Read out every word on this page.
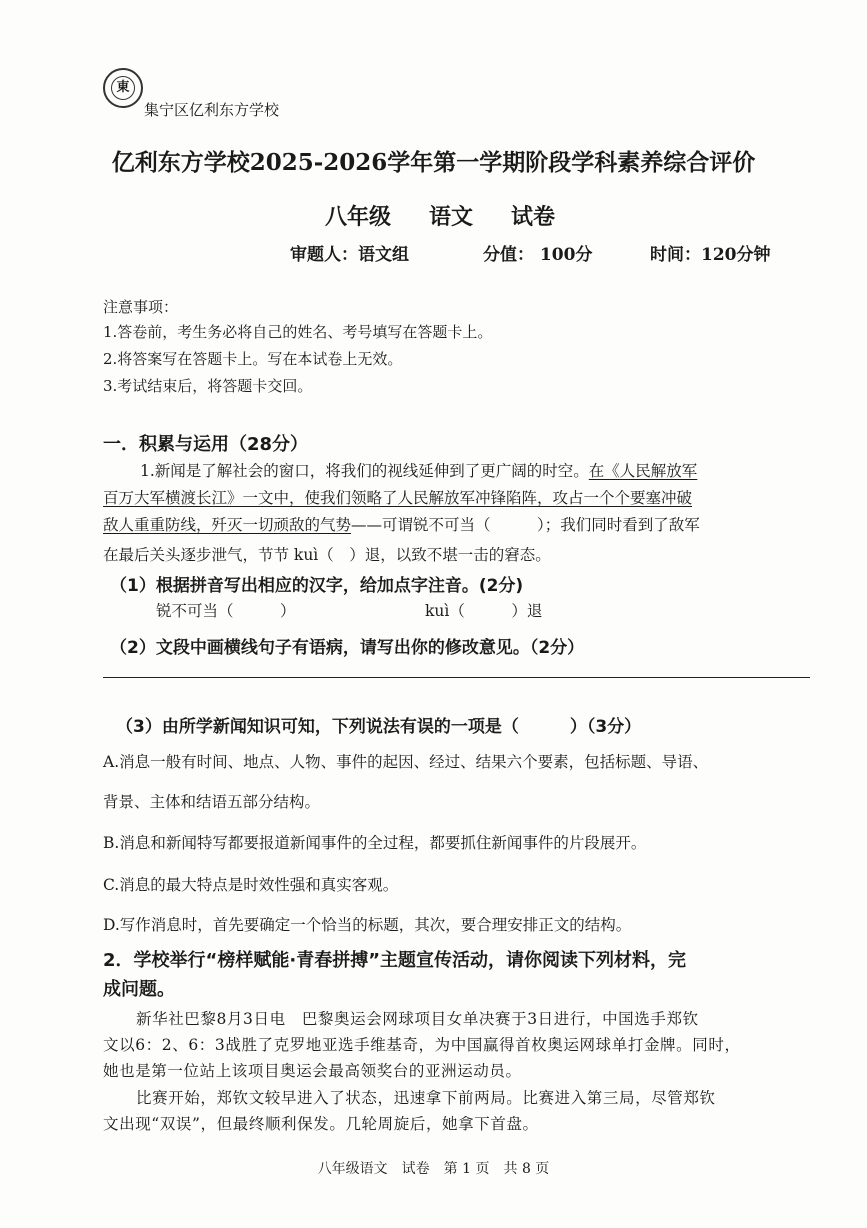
東
集宁区亿利东方学校
亿利东方学校2025-2026学年第一学期阶段学科素养综合评价
八年级 语文 试卷
审题人：语文组	分值： 100分	时间：120分钟
注意事项：
1.答卷前，考生务必将自己的姓名、考号填写在答题卡上。
2.将答案写在答题卡上。写在本试卷上无效。
3.考试结束后，将答题卡交回。
一．积累与运用（28分）
1.新闻是了解社会的窗口，将我们的视线延伸到了更广阔的时空。在《人民解放军
百万大军横渡长江》一文中，使我们领略了人民解放军冲锋陷阵，攻占一个个要塞冲破
敌人重重防线，歼灭一切顽敌的气势——可谓锐不可当（　　　）；我们同时看到了敌军
在最后关头逐步泄气，节节 kuì（　）退，以致不堪一击的窘态。
（1）根据拼音写出相应的汉字，给加点字注音。(2分)
锐不可当（　　　）	kuì（　　　）退
（2）文段中画横线句子有语病，请写出你的修改意见。（2分）
（3）由所学新闻知识可知，下列说法有误的一项是（　　　）（3分）
A.消息一般有时间、地点、人物、事件的起因、经过、结果六个要素，包括标题、导语、
背景、主体和结语五部分结构。
B.消息和新闻特写都要报道新闻事件的全过程，都要抓住新闻事件的片段展开。
C.消息的最大特点是时效性强和真实客观。
D.写作消息时，首先要确定一个恰当的标题，其次，要合理安排正文的结构。
2．学校举行“榜样赋能·青春拼搏”主题宣传活动，请你阅读下列材料，完
成问题。
新华社巴黎8月3日电　巴黎奥运会网球项目女单决赛于3日进行，中国选手郑钦
文以6：2、6：3战胜了克罗地亚选手维基奇，为中国赢得首枚奥运网球单打金牌。同时，
她也是第一位站上该项目奥运会最高领奖台的亚洲运动员。
比赛开始，郑钦文较早进入了状态，迅速拿下前两局。比赛进入第三局，尽管郑钦
文出现“双误”，但最终顺利保发。几轮周旋后，她拿下首盘。
八年级语文　试卷　第 1 页　共 8 页
